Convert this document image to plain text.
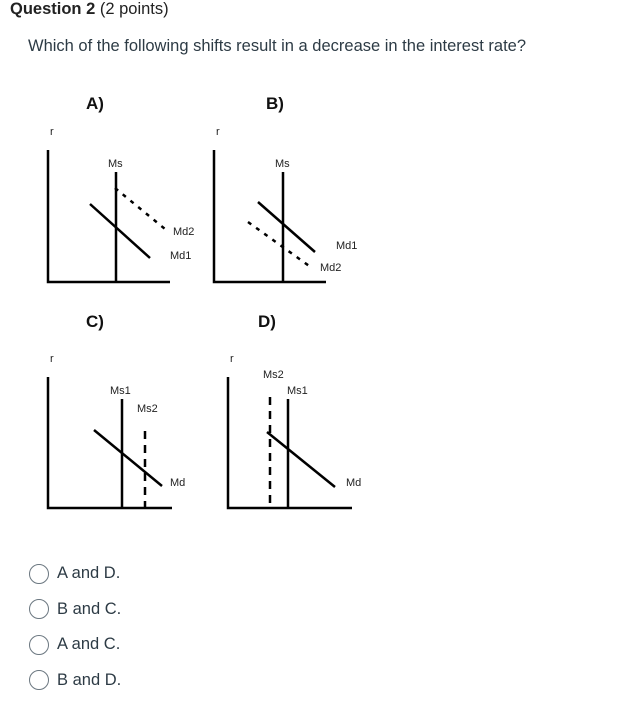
Question 2 (2 points)
Which of the following shifts result in a decrease in the interest rate?
A)
r
Ms
Md2
Md1
B)
r
Ms
Md1
Md2
C)
r
Ms1
Ms2
Md
D)
r
Ms2
Ms1
Md
A and D.
B and C.
A and C.
B and D.
